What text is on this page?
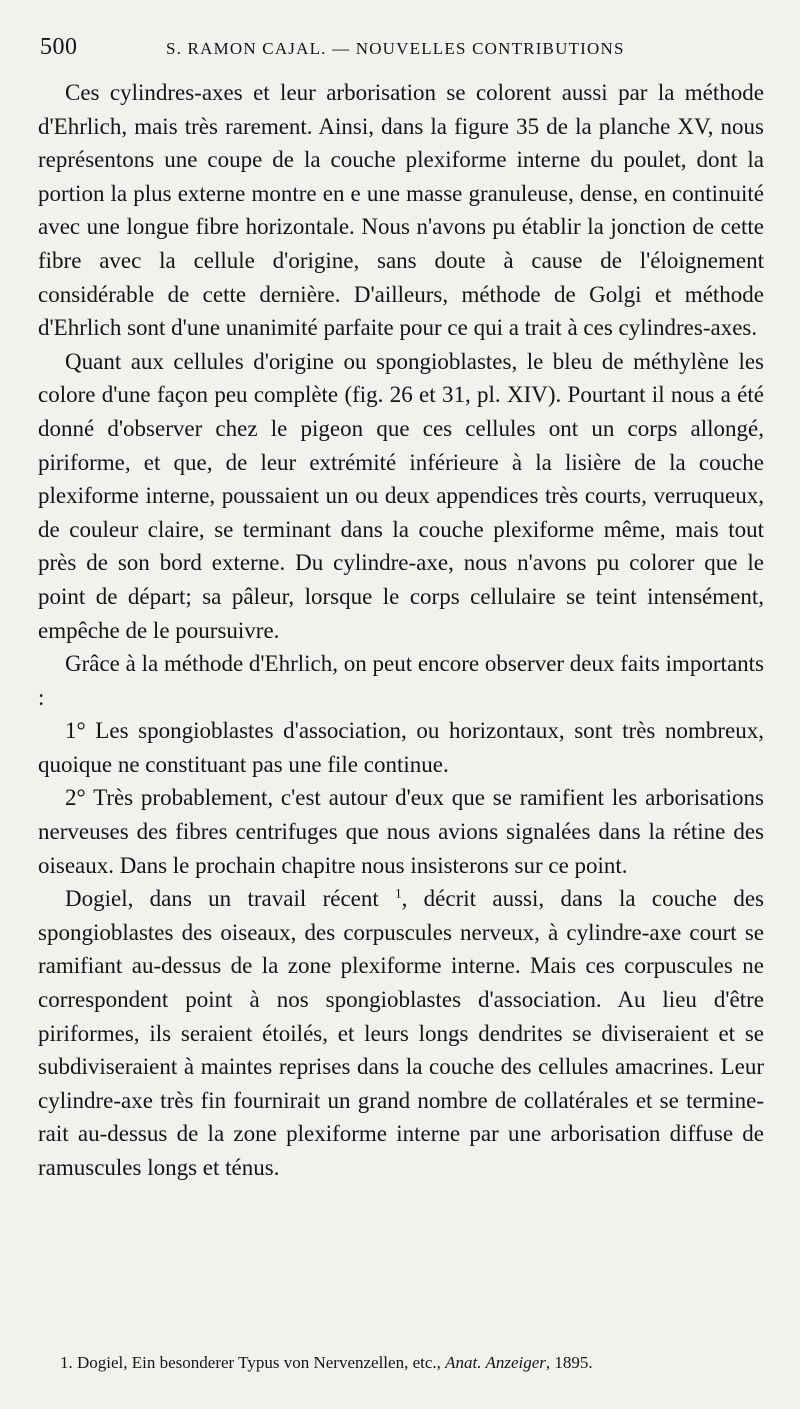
500	S. RAMON CAJAL. — NOUVELLES CONTRIBUTIONS

Ces cylindres-axes et leur arborisation se colorent aussi par la méthode d'Ehrlich, mais très rarement. Ainsi, dans la figure 35 de la planche XV, nous représentons une coupe de la couche plexiforme interne du poulet, dont la portion la plus externe montre en e une masse granuleuse, dense, en continuité avec une longue fibre horizontale. Nous n'avons pu établir la jonction de cette fibre avec la cellule d'origine, sans doute à cause de l'éloignement considérable de cette dernière. D'ailleurs, méthode de Golgi et méthode d'Ehrlich sont d'une unanimité parfaite pour ce qui a trait à ces cylindres-axes.

Quant aux cellules d'origine ou spongioblastes, le bleu de méthylène les colore d'une façon peu complète (fig. 26 et 31, pl. XIV). Pourtant il nous a été donné d'observer chez le pigeon que ces cellules ont un corps allongé, piriforme, et que, de leur extrémité inférieure à la lisière de la couche plexiforme interne, poussaient un ou deux appendices très courts, verruqueux, de couleur claire, se terminant dans la couche plexiforme même, mais tout près de son bord externe. Du cylindre-axe, nous n'avons pu colorer que le point de départ; sa pâleur, lorsque le corps cellulaire se teint intensément, empêche de le poursuivre.

Grâce à la méthode d'Ehrlich, on peut encore observer deux faits importants :

1° Les spongioblastes d'association, ou horizontaux, sont très nombreux, quoique ne constituant pas une file continue.

2° Très probablement, c'est autour d'eux que se ramifient les arborisations nerveuses des fibres centrifuges que nous avions signalées dans la rétine des oiseaux. Dans le prochain chapitre nous insisterons sur ce point.

Dogiel, dans un travail récent $^1$, décrit aussi, dans la couche des spongioblastes des oiseaux, des corpuscules nerveux, à cylindre-axe court se ramifiant au-dessus de la zone plexiforme interne. Mais ces corpuscules ne correspondent point à nos spongioblastes d'association. Au lieu d'être piriformes, ils seraient étoilés, et leurs longs dendrites se diviseraient et se subdiviseraient à maintes reprises dans la couche des cellules amacrines. Leur cylindre-axe très fin fournirait un grand nombre de collatérales et se terminerait au-dessus de la zone plexiforme interne par une arborisation diffuse de ramuscules longs et ténus.

1. Dogiel, Ein besonderer Typus von Nervenzellen, etc., Anat. Anzeiger, 1895.
